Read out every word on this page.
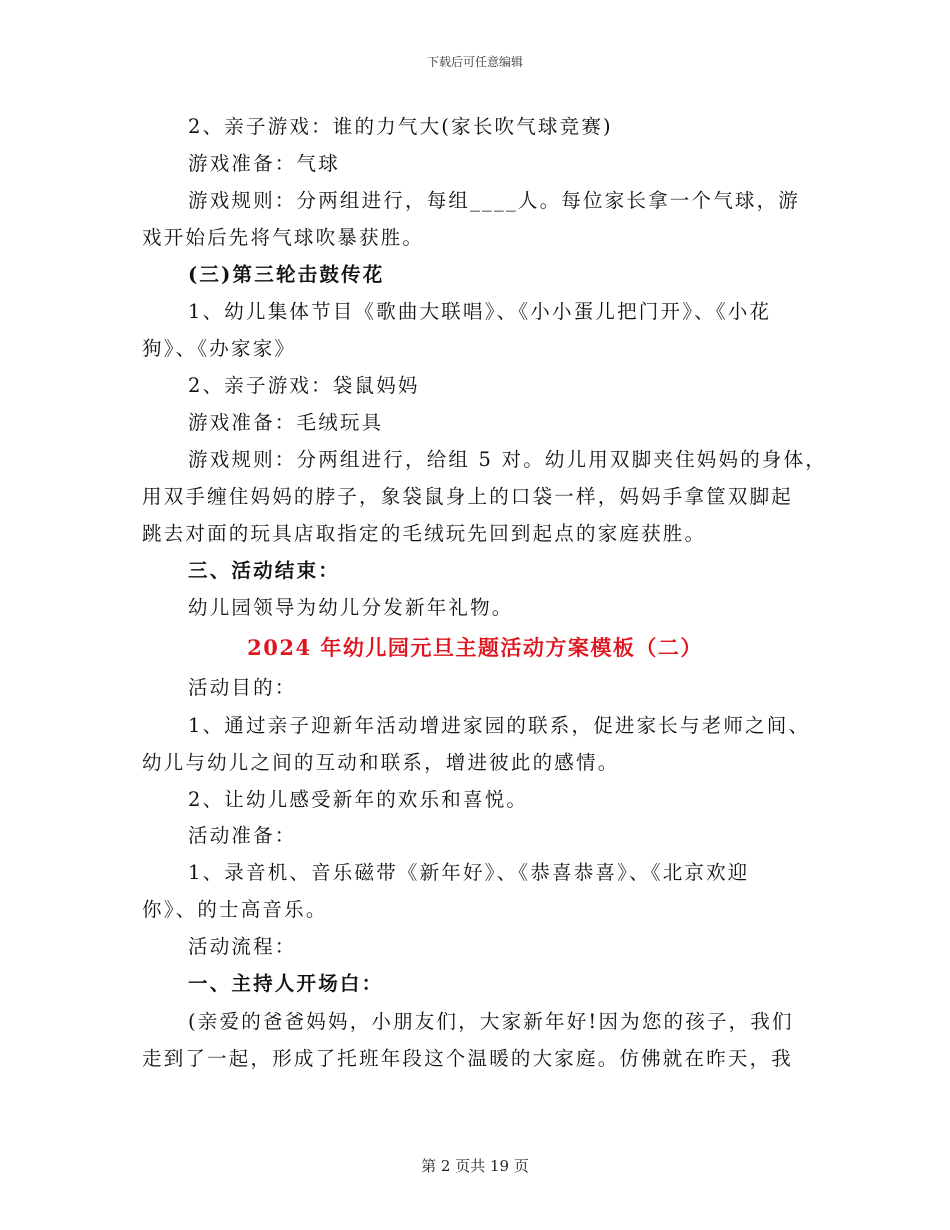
下载后可任意编辑
2、亲子游戏：谁的力气大(家长吹气球竞赛)
游戏准备：气球
游戏规则：分两组进行，每组____人。每位家长拿一个气球，游
戏开始后先将气球吹暴获胜。
(三)第三轮击鼓传花
1、幼儿集体节目《歌曲大联唱》、《小小蛋儿把门开》、《小花
狗》、《办家家》
2、亲子游戏：袋鼠妈妈
游戏准备：毛绒玩具
游戏规则：分两组进行，给组 5 对。幼儿用双脚夹住妈妈的身体，
用双手缠住妈妈的脖子，象袋鼠身上的口袋一样，妈妈手拿筐双脚起
跳去对面的玩具店取指定的毛绒玩先回到起点的家庭获胜。
三、活动结束：
幼儿园领导为幼儿分发新年礼物。
2024 年幼儿园元旦主题活动方案模板（二）
活动目的：
1、通过亲子迎新年活动增进家园的联系，促进家长与老师之间、
幼儿与幼儿之间的互动和联系，增进彼此的感情。
2、让幼儿感受新年的欢乐和喜悦。
活动准备：
1、录音机、音乐磁带《新年好》、《恭喜恭喜》、《北京欢迎
你》、的士高音乐。
活动流程：
一、主持人开场白：
(亲爱的爸爸妈妈，小朋友们，大家新年好!因为您的孩子，我们
走到了一起，形成了托班年段这个温暖的大家庭。仿佛就在昨天，我
第 2 页共 19 页
